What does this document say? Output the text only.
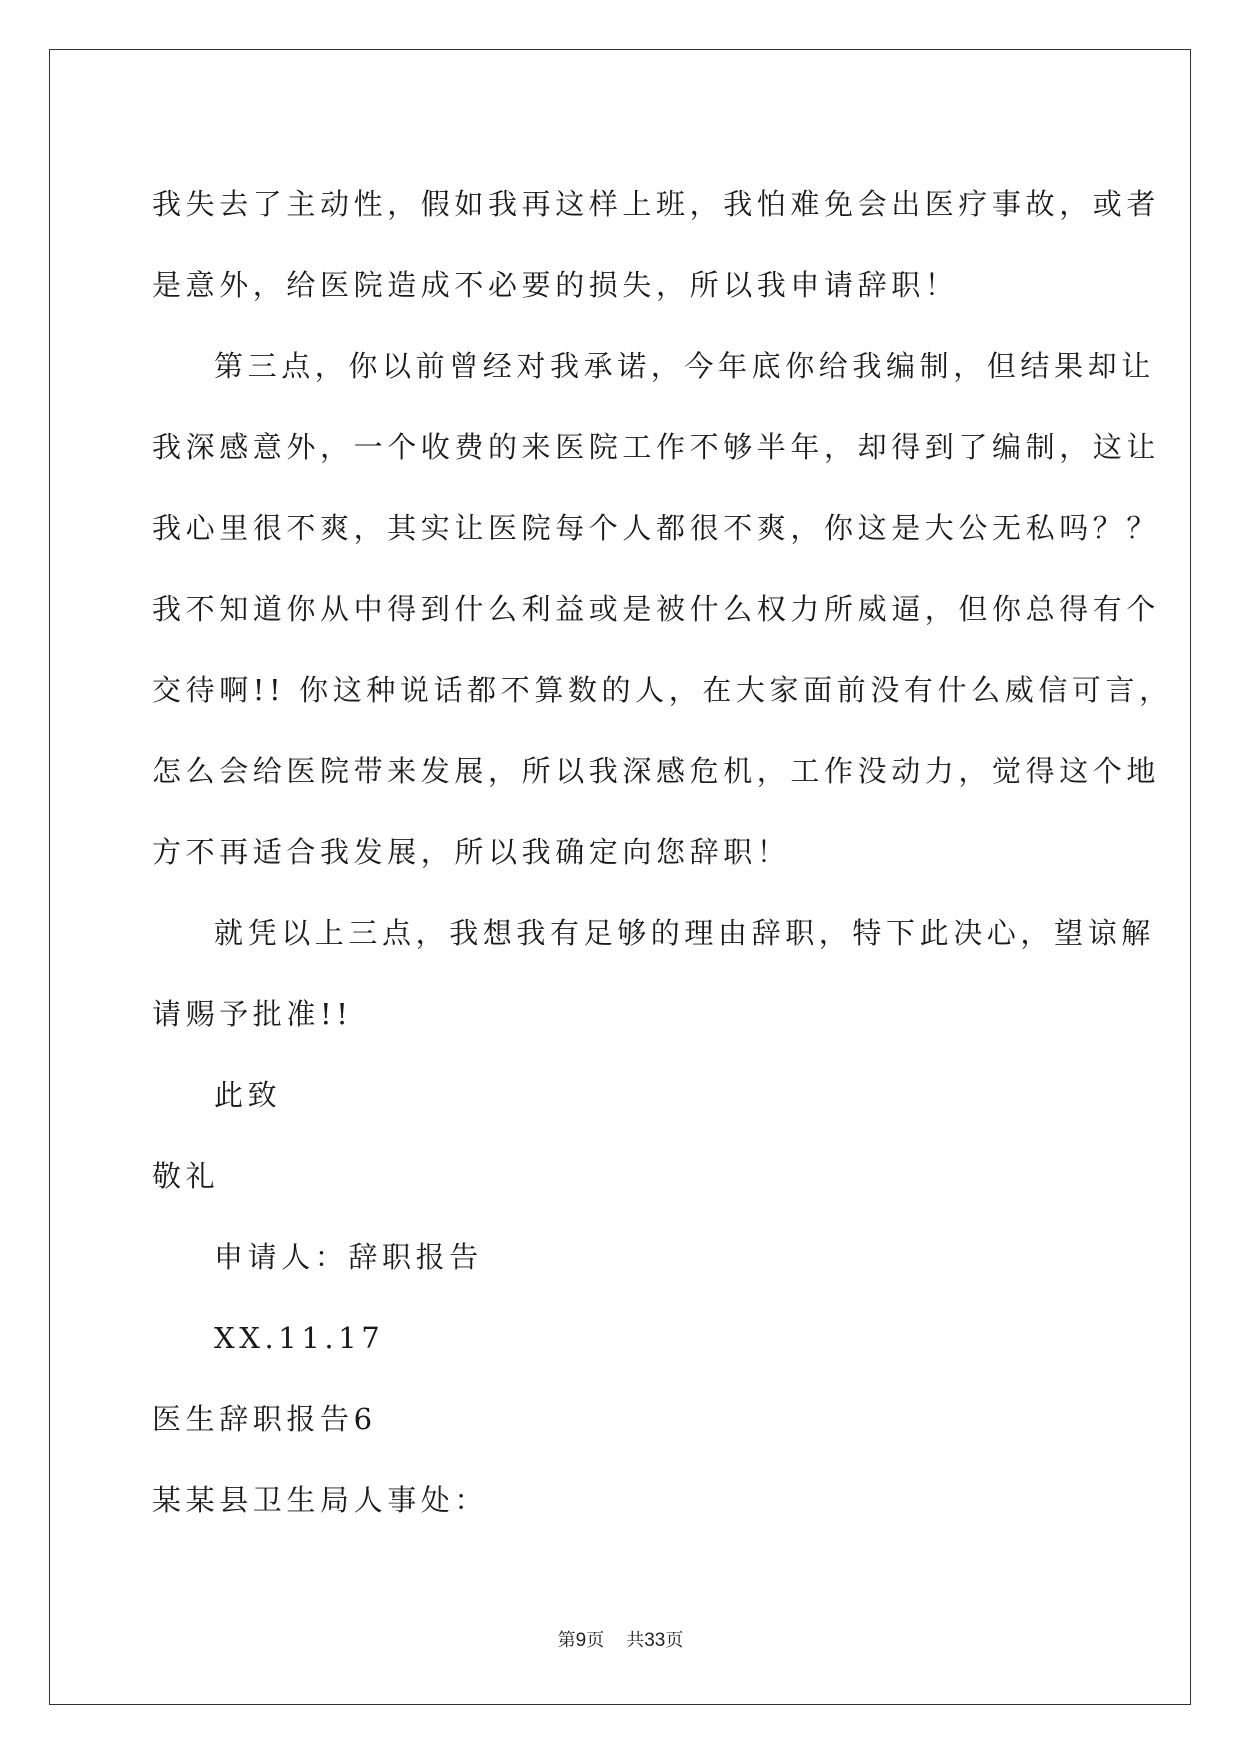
我失去了主动性，假如我再这样上班，我怕难免会出医疗事故，或者
是意外，给医院造成不必要的损失，所以我申请辞职！
第三点，你以前曾经对我承诺，今年底你给我编制，但结果却让
我深感意外，一个收费的来医院工作不够半年，却得到了编制，这让
我心里很不爽，其实让医院每个人都很不爽，你这是大公无私吗？？
我不知道你从中得到什么利益或是被什么权力所威逼，但你总得有个
交待啊!! 你这种说话都不算数的人，在大家面前没有什么威信可言，
怎么会给医院带来发展，所以我深感危机，工作没动力，觉得这个地
方不再适合我发展，所以我确定向您辞职！
就凭以上三点，我想我有足够的理由辞职，特下此决心，望谅解
请赐予批准!!
此致
敬礼
申请人：辞职报告
XX.11.17
医生辞职报告6
某某县卫生局人事处：
第9页 共33页
